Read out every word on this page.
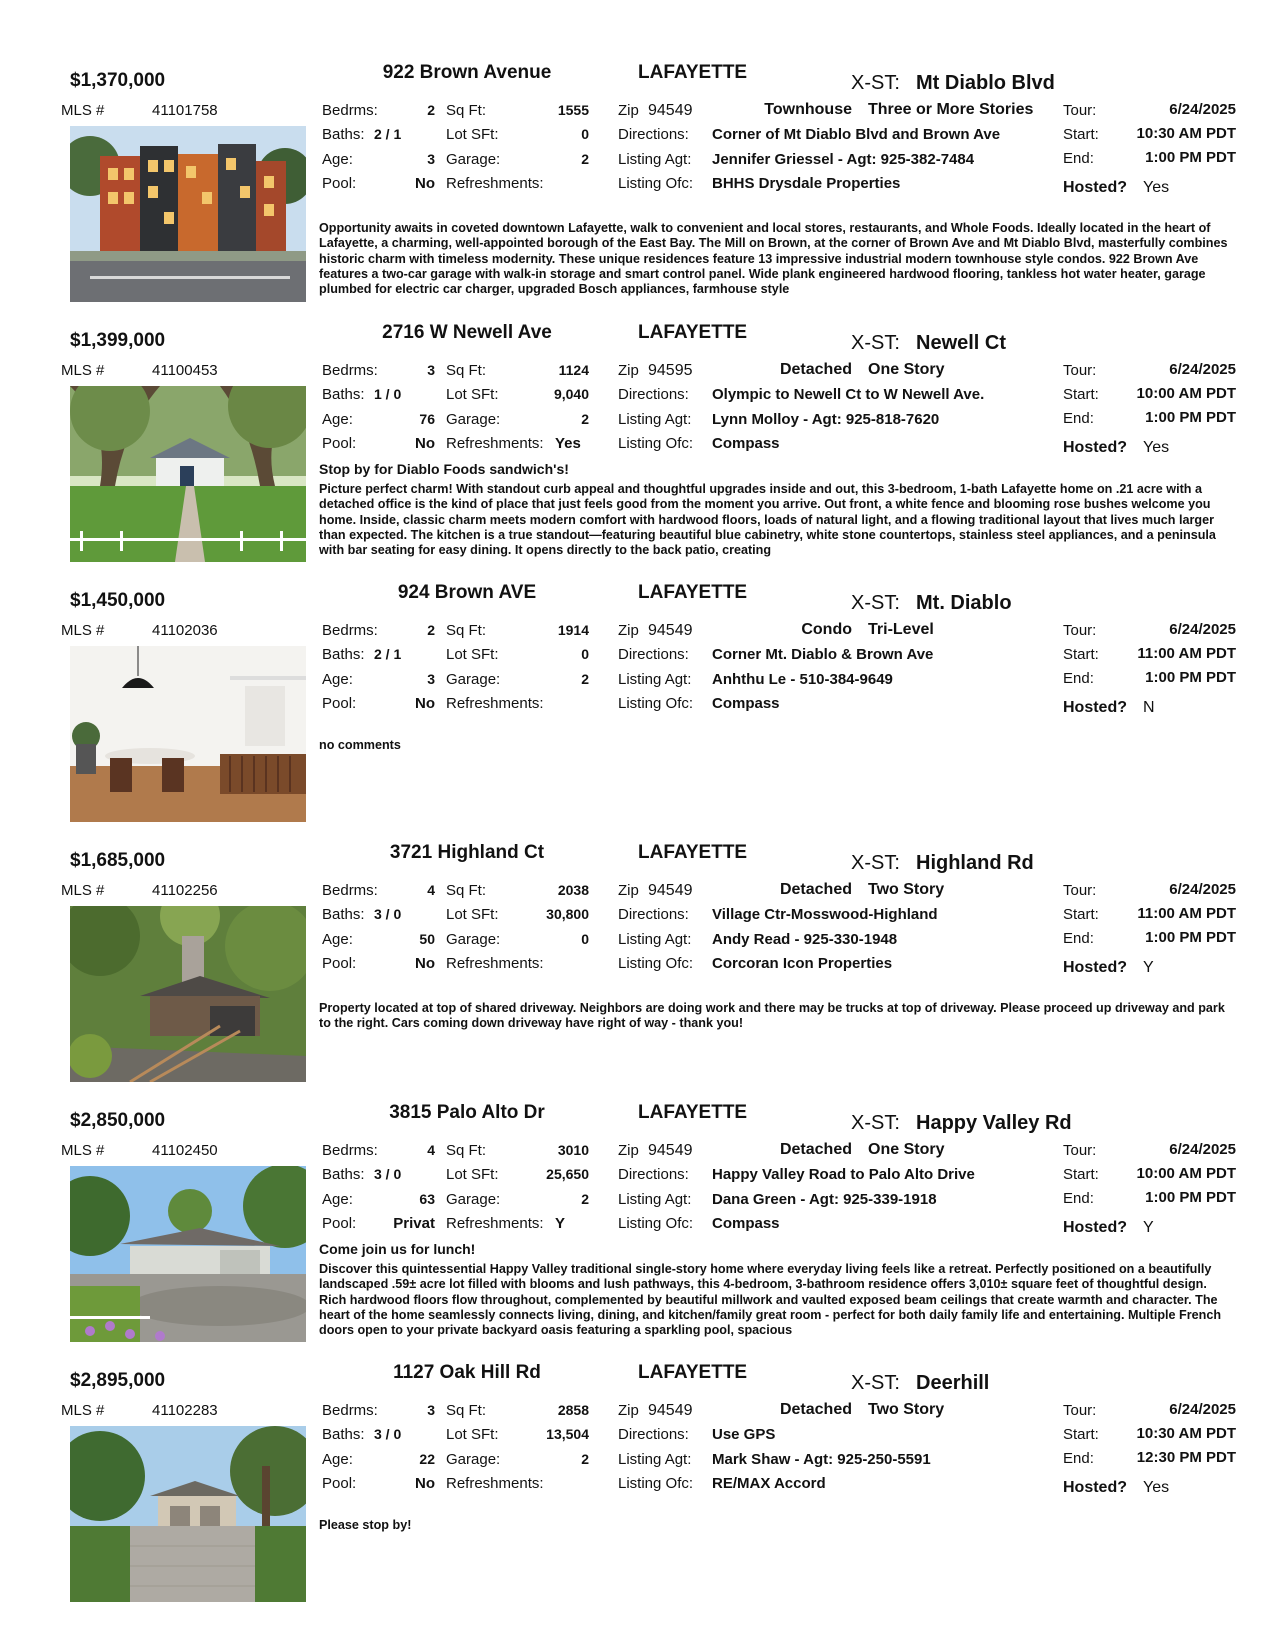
$1,370,000	922 Brown Avenue	LAFAYETTE	X-ST: Mt Diablo Blvd
MLS #	41101758	Bedrms:	2 Sq Ft:	1555
Baths: 2 / 1	Lot SFt:	0
Age:	3 Garage:	2
Pool:	No Refreshments:
Zip 94549	Townhouse Three or More Stories
Directions: Corner of Mt Diablo Blvd and Brown Ave
Listing Agt: Jennifer Griessel - Agt: 925-382-7484
Listing Ofc: BHHS Drysdale Properties
Tour:	6/24/2025
Start:	10:30 AM PDT
End:	1:00 PM PDT
Hosted? Yes
Opportunity awaits in coveted downtown Lafayette, walk to convenient and local stores, restaurants, and Whole Foods. Ideally located in the heart of Lafayette, a charming, well-appointed borough of the East Bay. The Mill on Brown, at the corner of Brown Ave and Mt Diablo Blvd, masterfully combines historic charm with timeless modernity. These unique residences feature 13 impressive industrial modern townhouse style condos. 922 Brown Ave features a two-car garage with walk-in storage and smart control panel. Wide plank engineered hardwood flooring, tankless hot water heater, garage plumbed for electric car charger, upgraded Bosch appliances, farmhouse style
$1,399,000	2716 W Newell Ave	LAFAYETTE	X-ST: Newell Ct
MLS #	41100453	Bedrms:	3 Sq Ft:	1124
Baths: 1 / 0	Lot SFt:	9,040
Age:	76 Garage:	2
Pool:	No Refreshments: Yes
Zip 94595	Detached One Story
Directions: Olympic to Newell Ct to W Newell Ave.
Listing Agt: Lynn Molloy - Agt: 925-818-7620
Listing Ofc: Compass
Tour:	6/24/2025
Start:	10:00 AM PDT
End:	1:00 PM PDT
Hosted? Yes
Stop by for Diablo Foods sandwich's!
Picture perfect charm! With standout curb appeal and thoughtful upgrades inside and out, this 3-bedroom, 1-bath Lafayette home on .21 acre with a detached office is the kind of place that just feels good from the moment you arrive. Out front, a white fence and blooming rose bushes welcome you home. Inside, classic charm meets modern comfort with hardwood floors, loads of natural light, and a flowing traditional layout that lives much larger than expected. The kitchen is a true standout—featuring beautiful blue cabinetry, white stone countertops, stainless steel appliances, and a peninsula with bar seating for easy dining. It opens directly to the back patio, creating
$1,450,000	924 Brown AVE	LAFAYETTE	X-ST: Mt. Diablo
MLS #	41102036	Bedrms:	2 Sq Ft:	1914
Baths: 2 / 1	Lot SFt:	0
Age:	3 Garage:	2
Pool:	No Refreshments:
Zip 94549	Condo Tri-Level
Directions: Corner Mt. Diablo & Brown Ave
Listing Agt: Anhthu Le - 510-384-9649
Listing Ofc: Compass
Tour:	6/24/2025
Start:	11:00 AM PDT
End:	1:00 PM PDT
Hosted? N
no comments
$1,685,000	3721 Highland Ct	LAFAYETTE	X-ST: Highland Rd
MLS #	41102256	Bedrms:	4 Sq Ft:	2038
Baths: 3 / 0	Lot SFt:	30,800
Age:	50 Garage:	0
Pool:	No Refreshments:
Zip 94549	Detached Two Story
Directions: Village Ctr-Mosswood-Highland
Listing Agt: Andy Read - 925-330-1948
Listing Ofc: Corcoran Icon Properties
Tour:	6/24/2025
Start:	11:00 AM PDT
End:	1:00 PM PDT
Hosted? Y
Property located at top of shared driveway. Neighbors are doing work and there may be trucks at top of driveway. Please proceed up driveway and park to the right. Cars coming down driveway have right of way - thank you!
$2,850,000	3815 Palo Alto Dr	LAFAYETTE	X-ST: Happy Valley Rd
MLS #	41102450	Bedrms:	4 Sq Ft:	3010
Baths: 3 / 0	Lot SFt:	25,650
Age:	63 Garage:	2
Pool:	Privat Refreshments: Y
Zip 94549	Detached One Story
Directions: Happy Valley Road to Palo Alto Drive
Listing Agt: Dana Green - Agt: 925-339-1918
Listing Ofc: Compass
Tour:	6/24/2025
Start:	10:00 AM PDT
End:	1:00 PM PDT
Hosted? Y
Come join us for lunch!
Discover this quintessential Happy Valley traditional single-story home where everyday living feels like a retreat. Perfectly positioned on a beautifully landscaped .59± acre lot filled with blooms and lush pathways, this 4-bedroom, 3-bathroom residence offers 3,010± square feet of thoughtful design. Rich hardwood floors flow throughout, complemented by beautiful millwork and vaulted exposed beam ceilings that create warmth and character. The heart of the home seamlessly connects living, dining, and kitchen/family great room - perfect for both daily family life and entertaining. Multiple French doors open to your private backyard oasis featuring a sparkling pool, spacious
$2,895,000	1127 Oak Hill Rd	LAFAYETTE	X-ST: Deerhill
MLS #	41102283	Bedrms:	3 Sq Ft:	2858
Baths: 3 / 0	Lot SFt:	13,504
Age:	22 Garage:	2
Pool:	No Refreshments:
Zip 94549	Detached Two Story
Directions: Use GPS
Listing Agt: Mark Shaw - Agt: 925-250-5591
Listing Ofc: RE/MAX Accord
Tour:	6/24/2025
Start:	10:30 AM PDT
End:	12:30 PM PDT
Hosted? Yes
Please stop by!
